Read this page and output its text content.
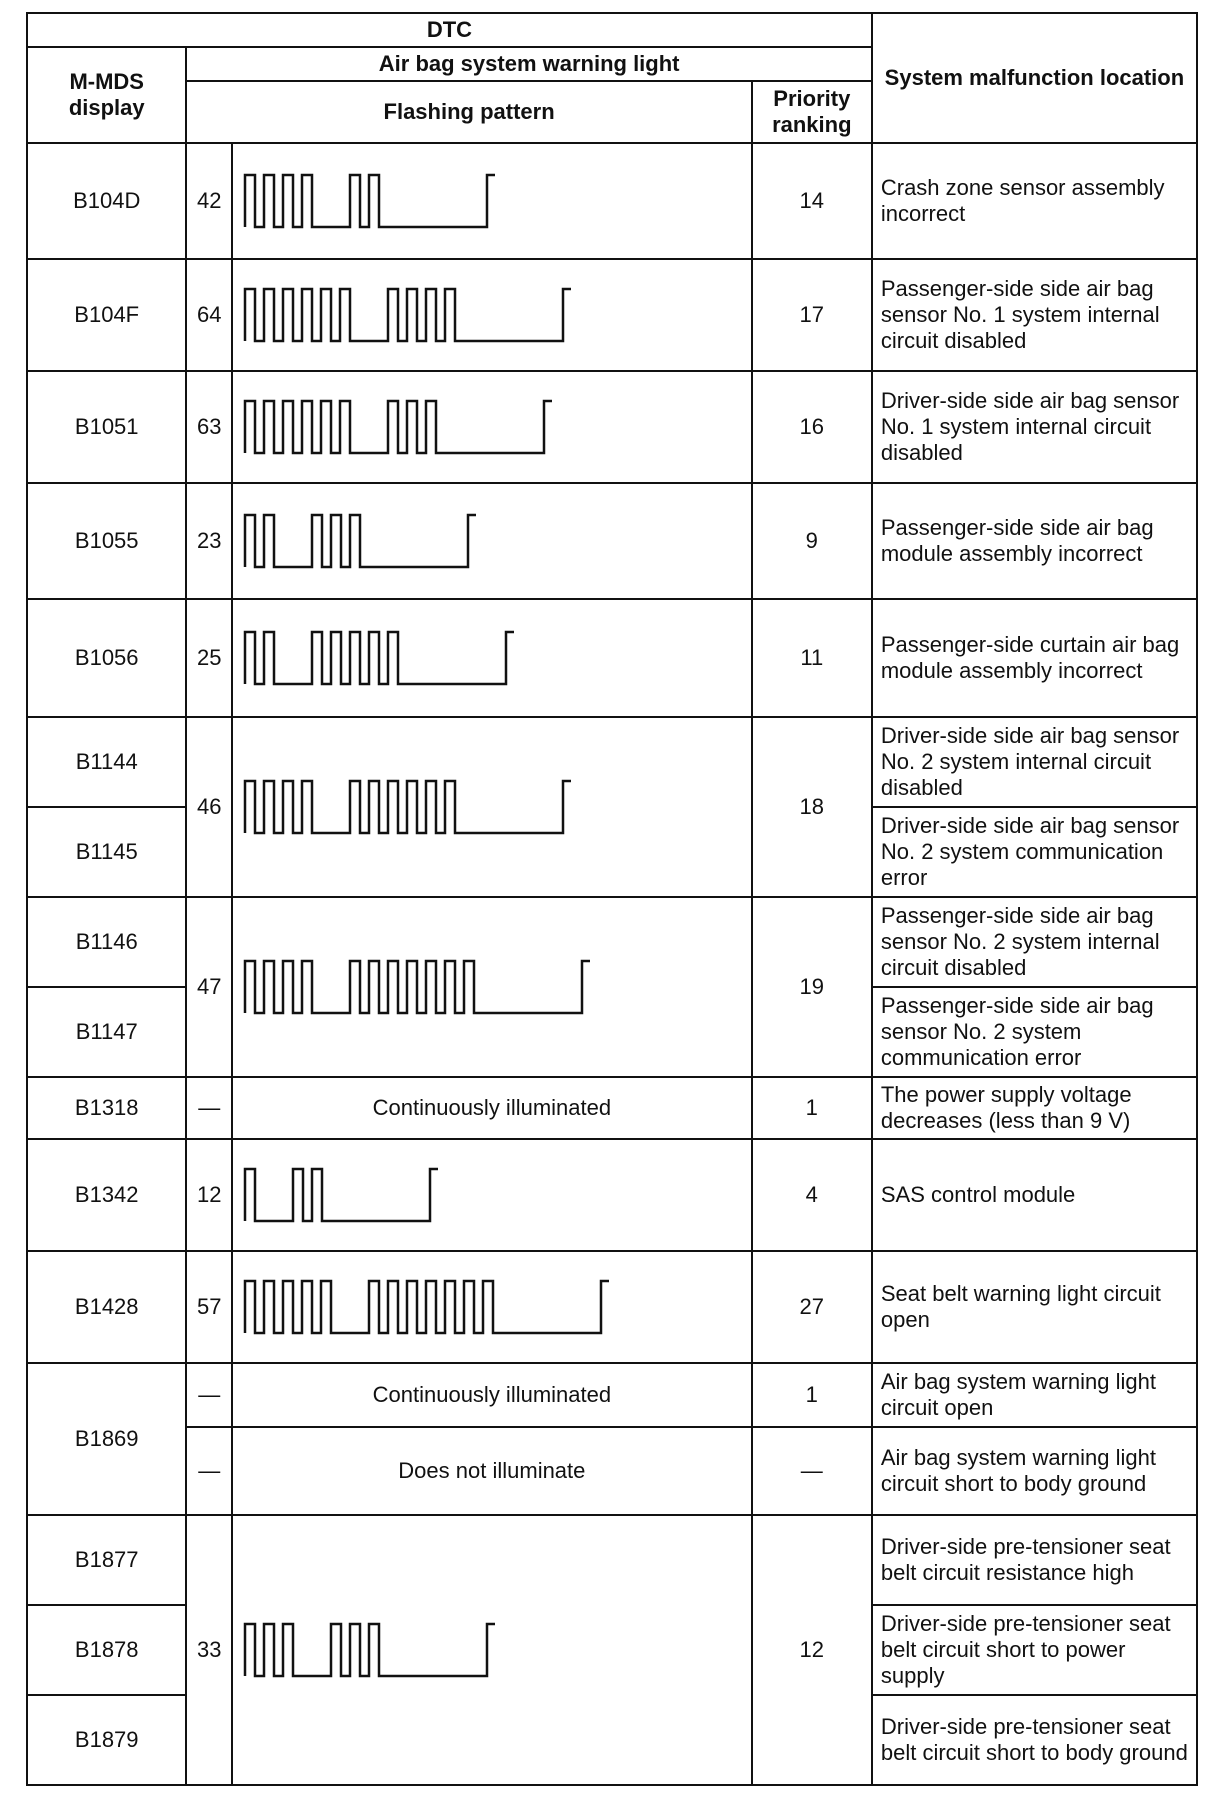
DTC				System malfunction location
M-MDS display	Air bag system warning light			
	Flashing pattern		Priority ranking	
B104D	42		14	Crash zone sensor assembly incorrect
B104F	64		17	Passenger-side side air bag sensor No. 1 system internal circuit disabled
B1051	63		16	Driver-side side air bag sensor No. 1 system internal circuit disabled
B1055	23		9	Passenger-side side air bag module assembly incorrect
B1056	25		11	Passenger-side curtain air bag module assembly incorrect
B1144	46		18	Driver-side side air bag sensor No. 2 system internal circuit disabled
B1145				Driver-side side air bag sensor No. 2 system communication error
B1146	47		19	Passenger-side side air bag sensor No. 2 system internal circuit disabled
B1147				Passenger-side side air bag sensor No. 2 system communication error
B1318	—	Continuously illuminated	1	The power supply voltage decreases (less than 9 V)
B1342	12		4	SAS control module
B1428	57		27	Seat belt warning light circuit open
B1869	—	Continuously illuminated	1	Air bag system warning light circuit open
	—	Does not illuminate	—	Air bag system warning light circuit short to body ground
B1877	33		12	Driver-side pre-tensioner seat belt circuit resistance high
B1878				Driver-side pre-tensioner seat belt circuit short to power supply
B1879				Driver-side pre-tensioner seat belt circuit short to body ground
